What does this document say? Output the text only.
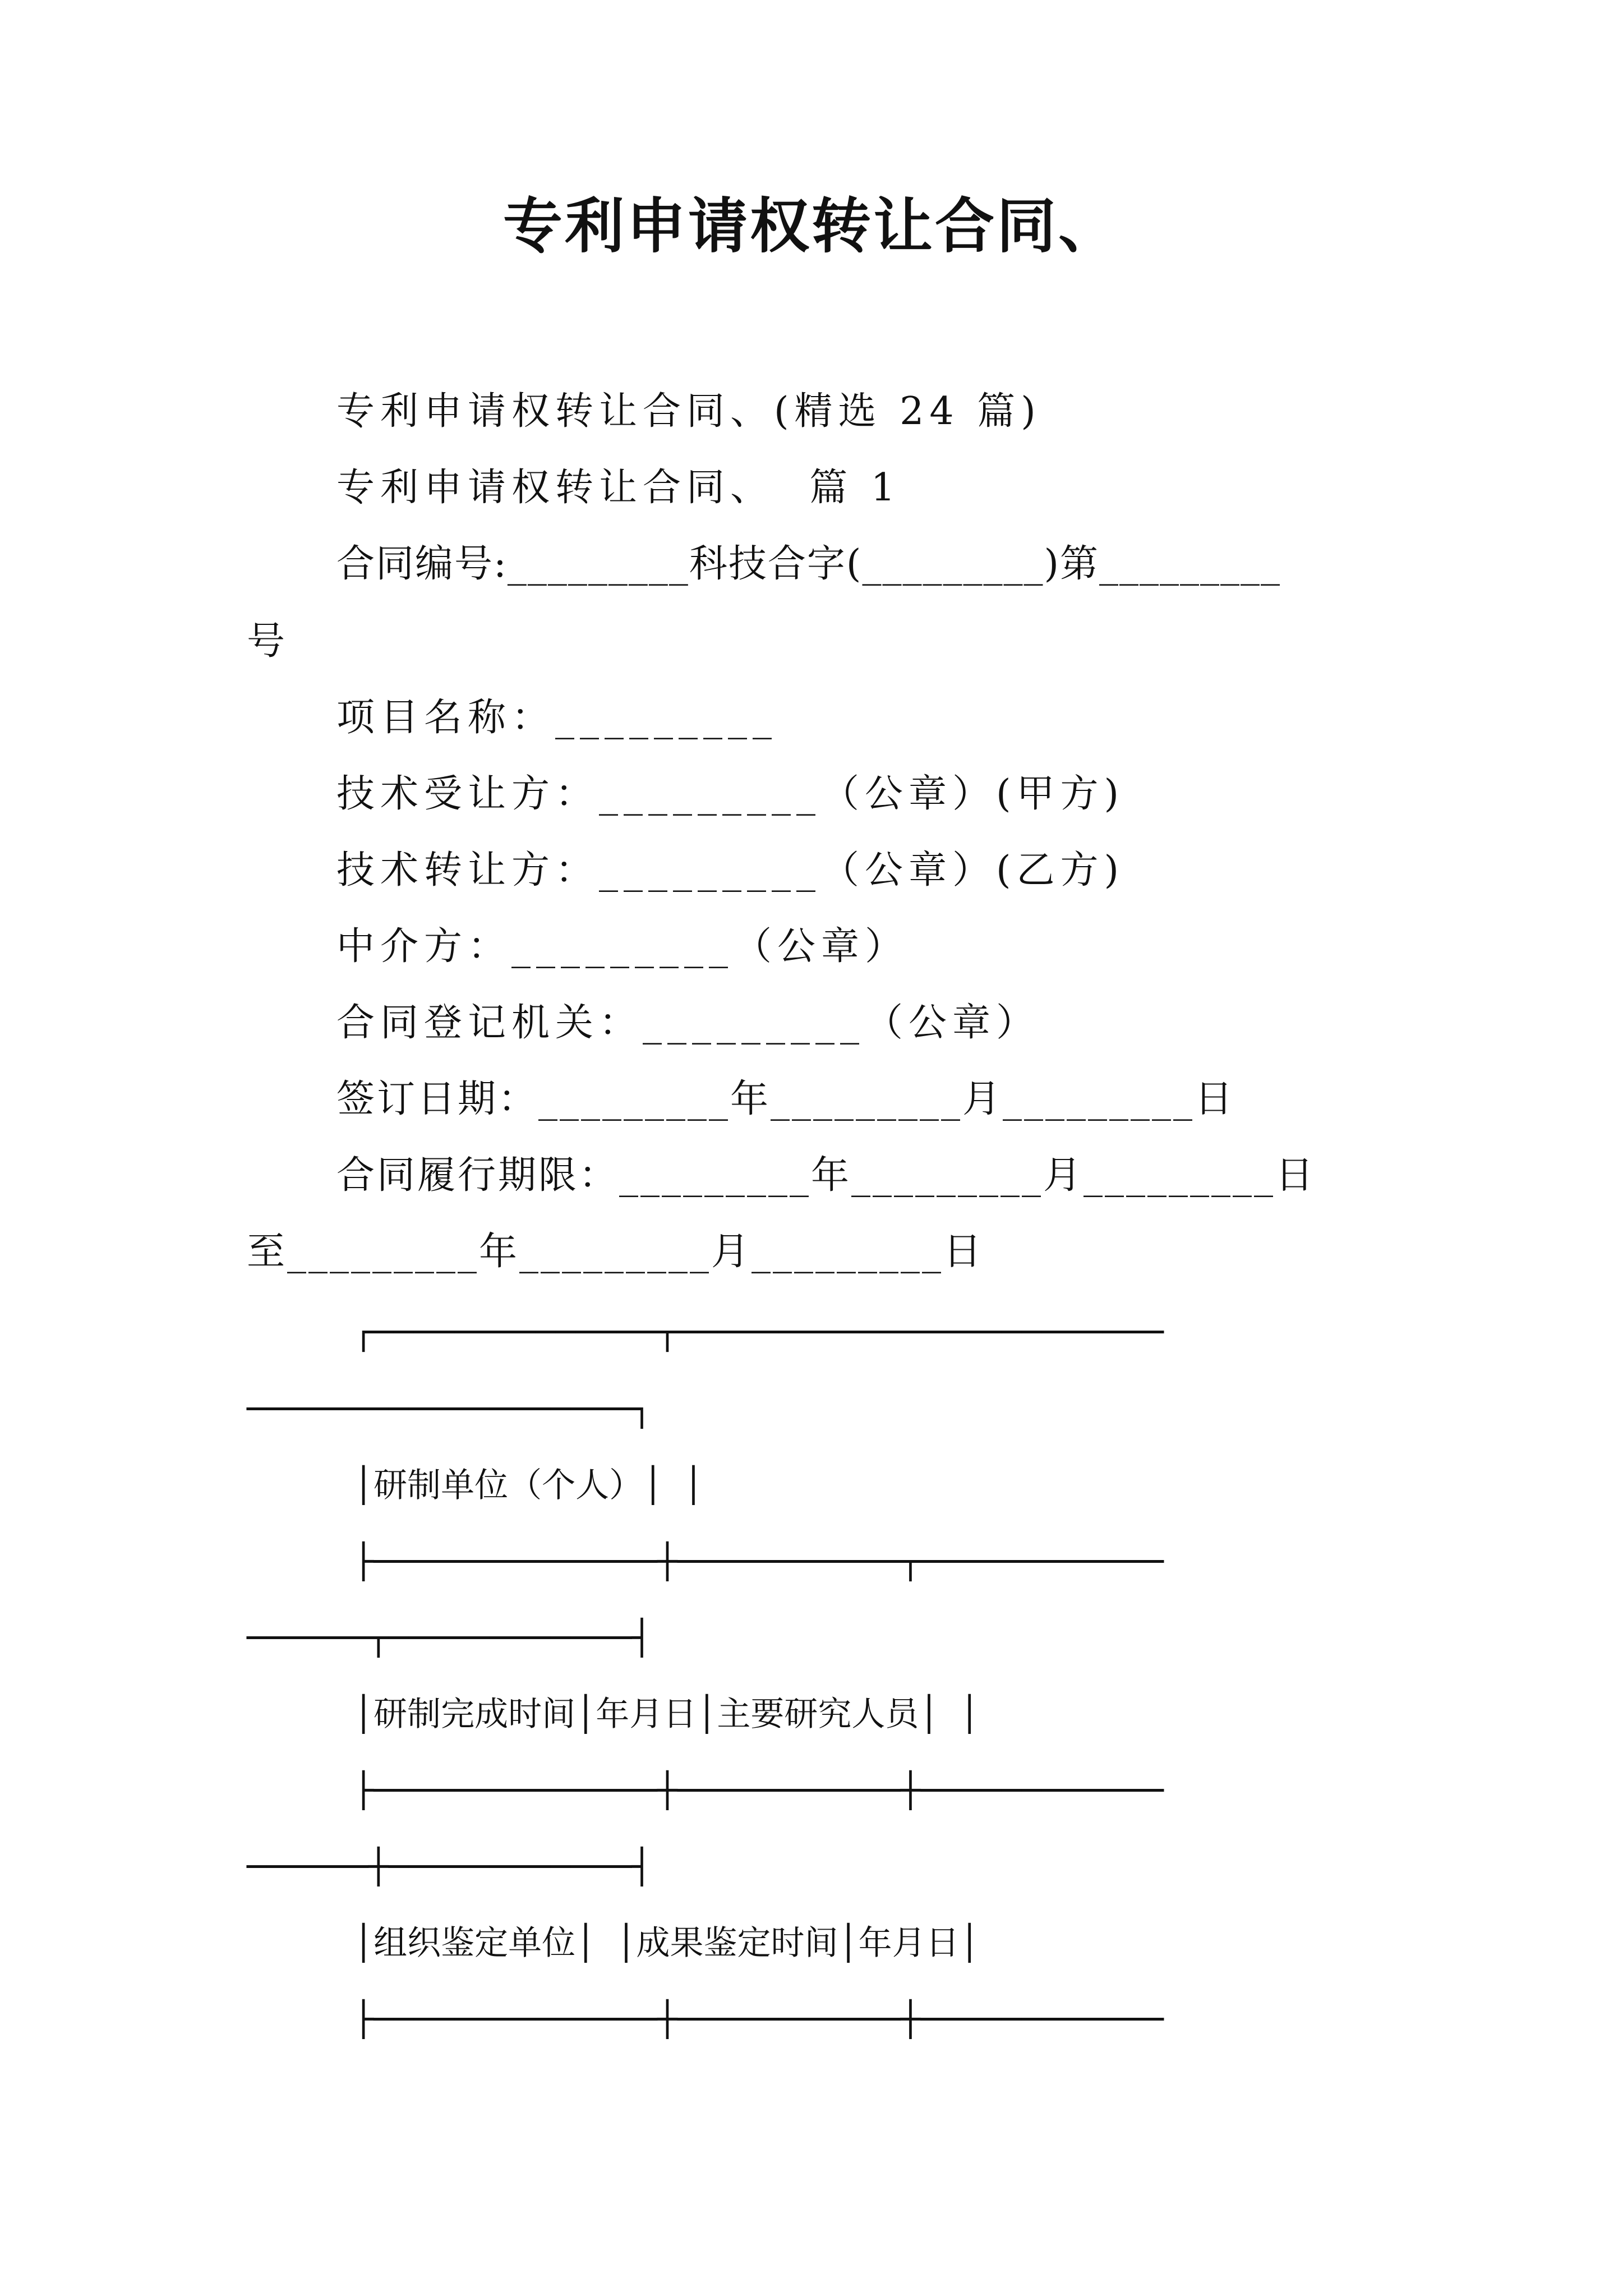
专利申请权转让合同、
专利申请权转让合同、(精选 24 篇)
专利申请权转让合同、  篇 1
合同编号:_________科技合字(_________)第_________
号
项目名称：_________
技术受让方：_________（公章）(甲方)
技术转让方：_________（公章）(乙方)
中介方：_________（公章）
合同登记机关：_________（公章）
签订日期：_________年_________月_________日
合同履行期限：_________年_________月_________日
至_________年_________月_________日
┌──────────────┬────────────────────────
───────────────────┐
│研制单位（个人）│ │
├──────────────┼───────────┬────────────
──────┬────────────┤
│研制完成时间│年月日│主要研究人员│ │
├──────────────┼───────────┼────────────
──────┼────────────┤
│组织鉴定单位│ │成果鉴定时间│年月日│
├──────────────┼───────────┼────────────
